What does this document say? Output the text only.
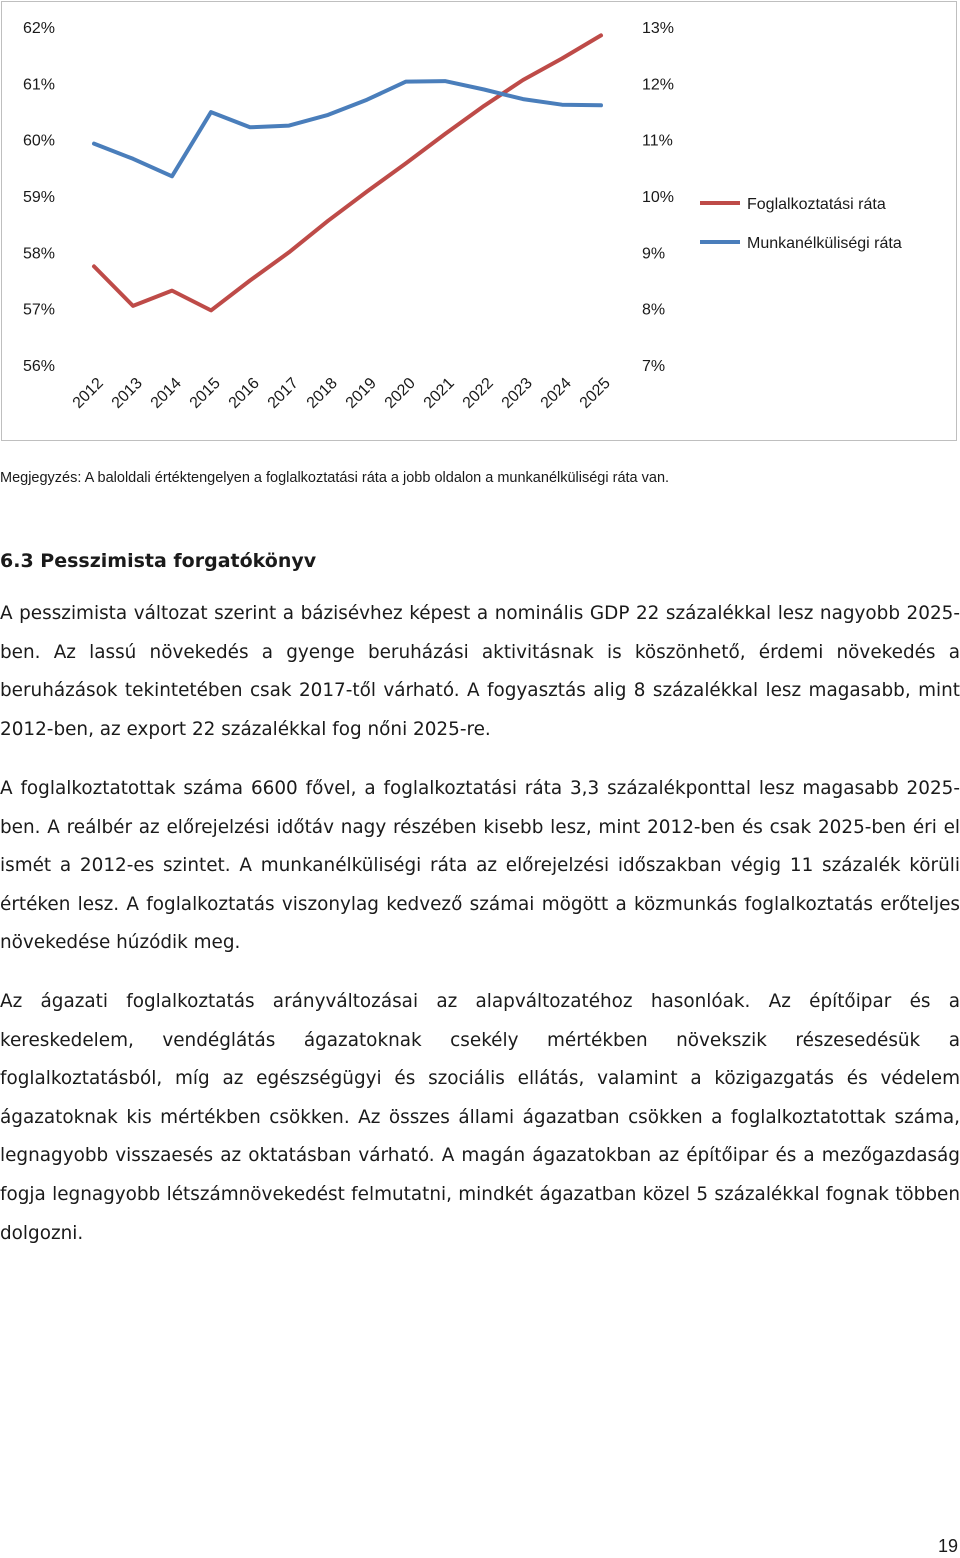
56%
57%
58%
59%
60%
61%
62%
7%
8%
9%
10%
11%
12%
13%
2012 2013 2014 2015 2016 2017 2018 2019 2020 2021 2022 2023 2024 2025
Foglalkoztatási ráta
Munkanélküliségi ráta
Megjegyzés: A baloldali értéktengelyen a foglalkoztatási ráta a jobb oldalon a munkanélküliségi ráta van.
6.3 Pesszimista forgatókönyv

A pesszimista változat szerint a bázisévhez képest a nominális GDP 22 százalékkal lesz nagyobb 2025-ben. Az lassú növekedés a gyenge beruházási aktivitásnak is köszönhető, érdemi növekedés a beruházások tekintetében csak 2017-től várható. A fogyasztás alig 8 százalékkal lesz magasabb, mint 2012-ben, az export 22 százalékkal fog nőni 2025-re.

A foglalkoztatottak száma 6600 fővel, a foglalkoztatási ráta 3,3 százalékponttal lesz magasabb 2025-ben. A reálbér az előrejelzési időtáv nagy részében kisebb lesz, mint 2012-ben és csak 2025-ben éri el ismét a 2012-es szintet. A munkanélküliségi ráta az előrejelzési időszakban végig 11 százalék körüli értéken lesz. A foglalkoztatás viszonylag kedvező számai mögött a közmunkás foglalkoztatás erőteljes növekedése húzódik meg.

Az ágazati foglalkoztatás arányváltozásai az alapváltozatéhoz hasonlóak. Az építőipar és a kereskedelem, vendéglátás ágazatoknak csekély mértékben növekszik részesedésük a foglalkoztatásból, míg az egészségügyi és szociális ellátás, valamint a közigazgatás és védelem ágazatoknak kis mértékben csökken. Az összes állami ágazatban csökken a foglalkoztatottak száma, legnagyobb visszaesés az oktatásban várható. A magán ágazatokban az építőipar és a mezőgazdaság fogja legnagyobb létszámnövekedést felmutatni, mindkét ágazatban közel 5 százalékkal fognak többen dolgozni.

19
